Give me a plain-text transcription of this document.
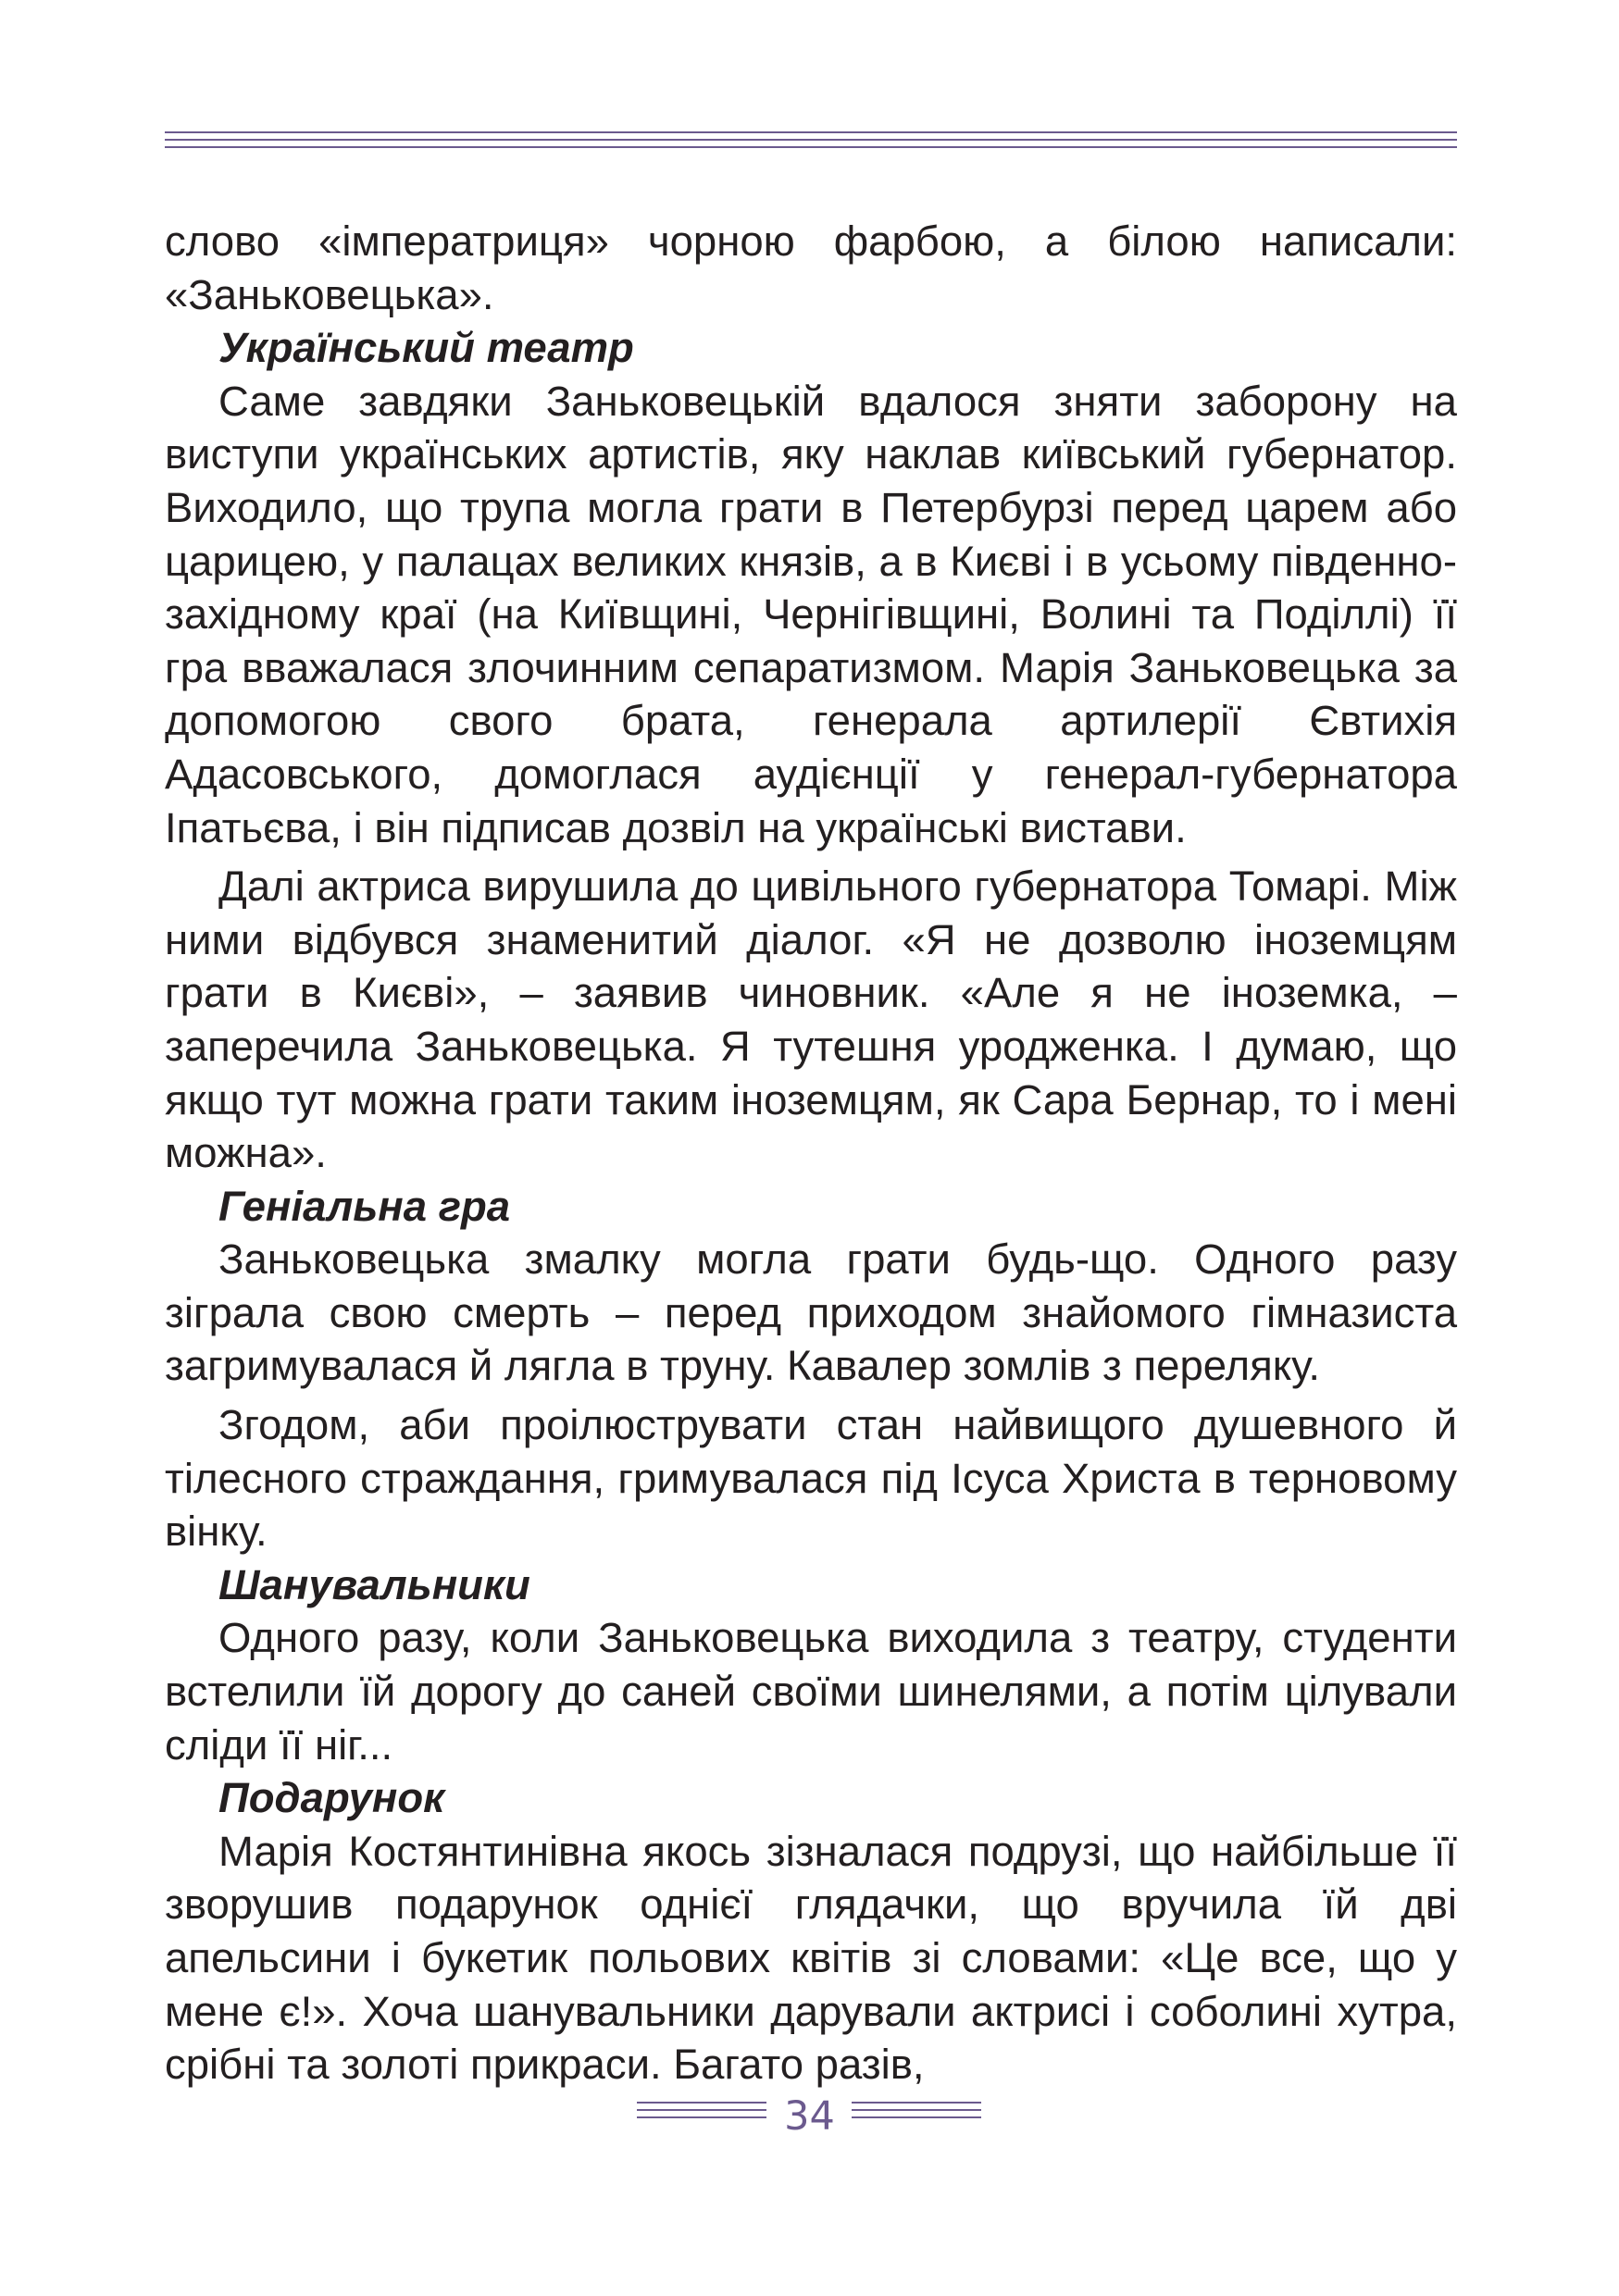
слово «імператриця» чорною фарбою, а білою написали: «Заньковецька».

Український театр

Саме завдяки Заньковецькій вдалося зняти заборону на виступи українських артистів, яку наклав київський губернатор. Виходило, що трупа могла грати в Петербурзі перед царем або царицею, у палацах великих князів, а в Києві і в усьому південно-західному краї (на Київщині, Чернігівщині, Волині та Поділлі) її гра вважалася злочинним сепаратизмом. Марія Заньковецька за допомогою свого брата, генерала артилерії Євтихія Адасовського, домоглася аудієнції у генерал-губернатора Іпатьєва, і він підписав дозвіл на українські вистави.

Далі актриса вирушила до цивільного губернатора Томарі. Між ними відбувся знаменитий діалог. «Я не дозволю іноземцям грати в Києві», – заявив чиновник. «Але я не іноземка, – заперечила Заньковецька. Я тутешня уродженка. І думаю, що якщо тут можна грати таким іноземцям, як Сара Бернар, то і мені можна».

Геніальна гра

Заньковецька змалку могла грати будь-що. Одного разу зіграла свою смерть – перед приходом знайомого гімназиста загримувалася й лягла в труну. Кавалер зомлів з переляку.

Згодом, аби проілюструвати стан найвищого душевного й тілесного страждання, гримувалася під Ісуса Христа в терновому вінку.

Шанувальники

Одного разу, коли Заньковецька виходила з театру, студенти встелили їй дорогу до саней своїми шинелями, а потім цілували сліди її ніг...

Подарунок

Марія Костянтинівна якось зізналася подрузі, що найбільше її зворушив подарунок однієї глядачки, що вручила їй дві апельсини і букетик польових квітів зі словами: «Це все, що у мене є!». Хоча шанувальники дарували актрисі і соболині хутра, срібні та золоті прикраси. Багато разів,

34
